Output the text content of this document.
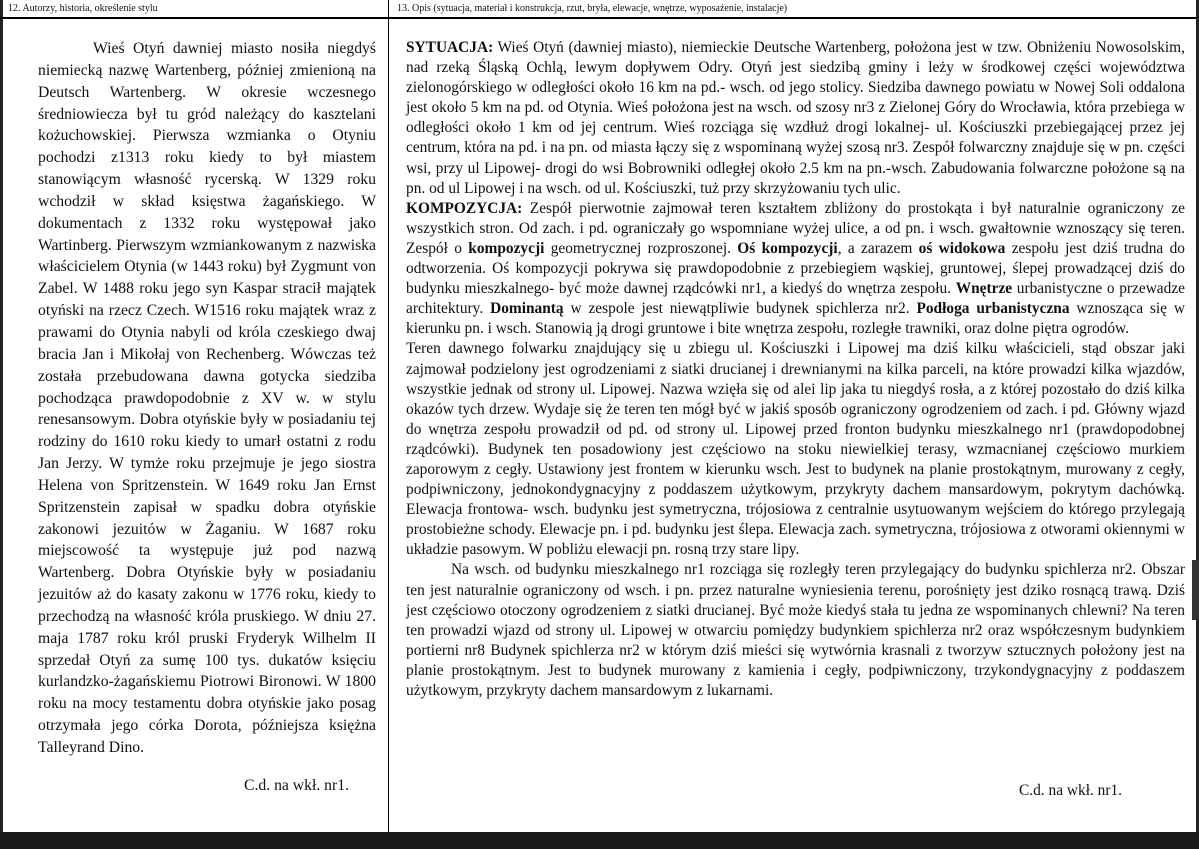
12. Autorzy, historia, określenie stylu

Wieś Otyń dawniej miasto nosiła niegdyś niemiecką nazwę Wartenberg, później zmienioną na Deutsch Wartenberg. W okresie wczesnego średniowiecza był tu gród należący do kasztelani kożuchowskiej. Pierwsza wzmianka o Otyniu pochodzi z1313 roku kiedy to był miastem stanowiącym własność rycerską. W 1329 roku wchodził w skład księstwa żagańskiego. W dokumentach z 1332 roku występował jako Wartinberg. Pierwszym wzmiankowanym z nazwiska właścicielem Otynia (w 1443 roku) był Zygmunt von Zabel. W 1488 roku jego syn Kaspar stracił majątek otyński na rzecz Czech. W1516 roku majątek wraz z prawami do Otynia nabyli od króla czeskiego dwaj bracia Jan i Mikołaj von Rechenberg. Wówczas też została przebudowana dawna gotycka siedziba pochodząca prawdopodobnie z XV w. w stylu renesansowym. Dobra otyńskie były w posiadaniu tej rodziny do 1610 roku kiedy to umarł ostatni z rodu Jan Jerzy. W tymże roku przejmuje je jego siostra Helena von Spritzenstein. W 1649 roku Jan Ernst Spritzenstein zapisał w spadku dobra otyńskie zakonowi jezuitów w Żaganiu. W 1687 roku miejscowość ta występuje już pod nazwą Wartenberg. Dobra Otyńskie były w posiadaniu jezuitów aż do kasaty zakonu w 1776 roku, kiedy to przechodzą na własność króla pruskiego. W dniu 27. maja 1787 roku król pruski Fryderyk Wilhelm II sprzedał Otyń za sumę 100 tys. dukatów księciu kurlandzko-żagańskiemu Piotrowi Bironowi. W 1800 roku na mocy testamentu dobra otyńskie jako posag otrzymała jego córka Dorota, późniejsza księżna Talleyrand Dino.

C.d. na wkł. nr1.
13. Opis (sytuacja, materiał i konstrukcja, rzut, bryła, elewacje, wnętrze, wyposażenie, instalacje)

SYTUACJA: Wieś Otyń (dawniej miasto), niemieckie Deutsche Wartenberg, położona jest w tzw. Obniżeniu Nowosolskim, nad rzeką Śląską Ochlą, lewym dopływem Odry. Otyń jest siedzibą gminy i leży w środkowej części województwa zielonogórskiego w odległości około 16 km na pd.- wsch. od jego stolicy. Siedziba dawnego powiatu w Nowej Soli oddalona jest około 5 km na pd. od Otynia. Wieś położona jest na wsch. od szosy nr3 z Zielonej Góry do Wrocławia, która przebiega w odległości około 1 km od jej centrum. Wieś rozciąga się wzdłuż drogi lokalnej- ul. Kościuszki przebiegającej przez jej centrum, która na pd. i na pn. od miasta łączy się z wspominaną wyżej szosą nr3. Zespół folwarczny znajduje się w pn. części wsi, przy ul Lipowej- drogi do wsi Bobrowniki odległej około 2.5 km na pn.-wsch. Zabudowania folwarczne położone są na pn. od ul Lipowej i na wsch. od ul. Kościuszki, tuż przy skrzyżowaniu tych ulic.

KOMPOZYCJA: Zespół pierwotnie zajmował teren kształtem zbliżony do prostokąta i był naturalnie ograniczony ze wszystkich stron. Od zach. i pd. ograniczały go wspomniane wyżej ulice, a od pn. i wsch. gwałtownie wznoszący się teren. Zespół o kompozycji geometrycznej rozproszonej. Oś kompozycji, a zarazem oś widokowa zespołu jest dziś trudna do odtworzenia. Oś kompozycji pokrywa się prawdopodobnie z przebiegiem wąskiej, gruntowej, ślepej prowadzącej dziś do budynku mieszkalnego- być może dawnej rządcówki nr1, a kiedyś do wnętrza zespołu. Wnętrze urbanistyczne o przewadze architektury. Dominantą w zespole jest niewątpliwie budynek spichlerza nr2. Podłoga urbanistyczna wznosząca się w kierunku pn. i wsch. Stanowią ją drogi gruntowe i bite wnętrza zespołu, rozległe trawniki, oraz dolne piętra ogrodów.

Teren dawnego folwarku znajdujący się u zbiegu ul. Kościuszki i Lipowej ma dziś kilku właścicieli, stąd obszar jaki zajmował podzielony jest ogrodzeniami z siatki drucianej i drewnianymi na kilka parceli, na które prowadzi kilka wjazdów, wszystkie jednak od strony ul. Lipowej. Nazwa wzięła się od alei lip jaka tu niegdyś rosła, a z której pozostało do dziś kilka okazów tych drzew. Wydaje się że teren ten mógł być w jakiś sposób ograniczony ogrodzeniem od zach. i pd. Główny wjazd do wnętrza zespołu prowadził od pd. od strony ul. Lipowej przed fronton budynku mieszkalnego nr1 (prawdopodobnej rządcówki). Budynek ten posadowiony jest częściowo na stoku niewielkiej terasy, wzmacnianej częściowo murkiem zaporowym z cegły. Ustawiony jest frontem w kierunku wsch. Jest to budynek na planie prostokątnym, murowany z cegły, podpiwniczony, jednokondygnacyjny z poddaszem użytkowym, przykryty dachem mansardowym, pokrytym dachówką. Elewacja frontowa- wsch. budynku jest symetryczna, trójosiowa z centralnie usytuowanym wejściem do którego przylegają prostobieżne schody. Elewacje pn. i pd. budynku jest ślepa. Elewacja zach. symetryczna, trójosiowa z otworami okiennymi w układzie pasowym. W pobliżu elewacji pn. rosną trzy stare lipy.

Na wsch. od budynku mieszkalnego nr1 rozciąga się rozległy teren przylegający do budynku spichlerza nr2. Obszar ten jest naturalnie ograniczony od wsch. i pn. przez naturalne wyniesienia terenu, porośnięty jest dziko rosnącą trawą. Dziś jest częściowo otoczony ogrodzeniem z siatki drucianej. Być może kiedyś stała tu jedna ze wspominanych chlewni? Na teren ten prowadzi wjazd od strony ul. Lipowej w otwarciu pomiędzy budynkiem spichlerza nr2 oraz współczesnym budynkiem portierni nr8 Budynek spichlerza nr2 w którym dziś mieści się wytwórnia krasnali z tworzyw sztucznych położony jest na planie prostokątnym. Jest to budynek murowany z kamienia i cegły, podpiwniczony, trzykondygnacyjny z poddaszem użytkowym, przykryty dachem mansardowym z lukarnami.

C.d. na wkł. nr1.
